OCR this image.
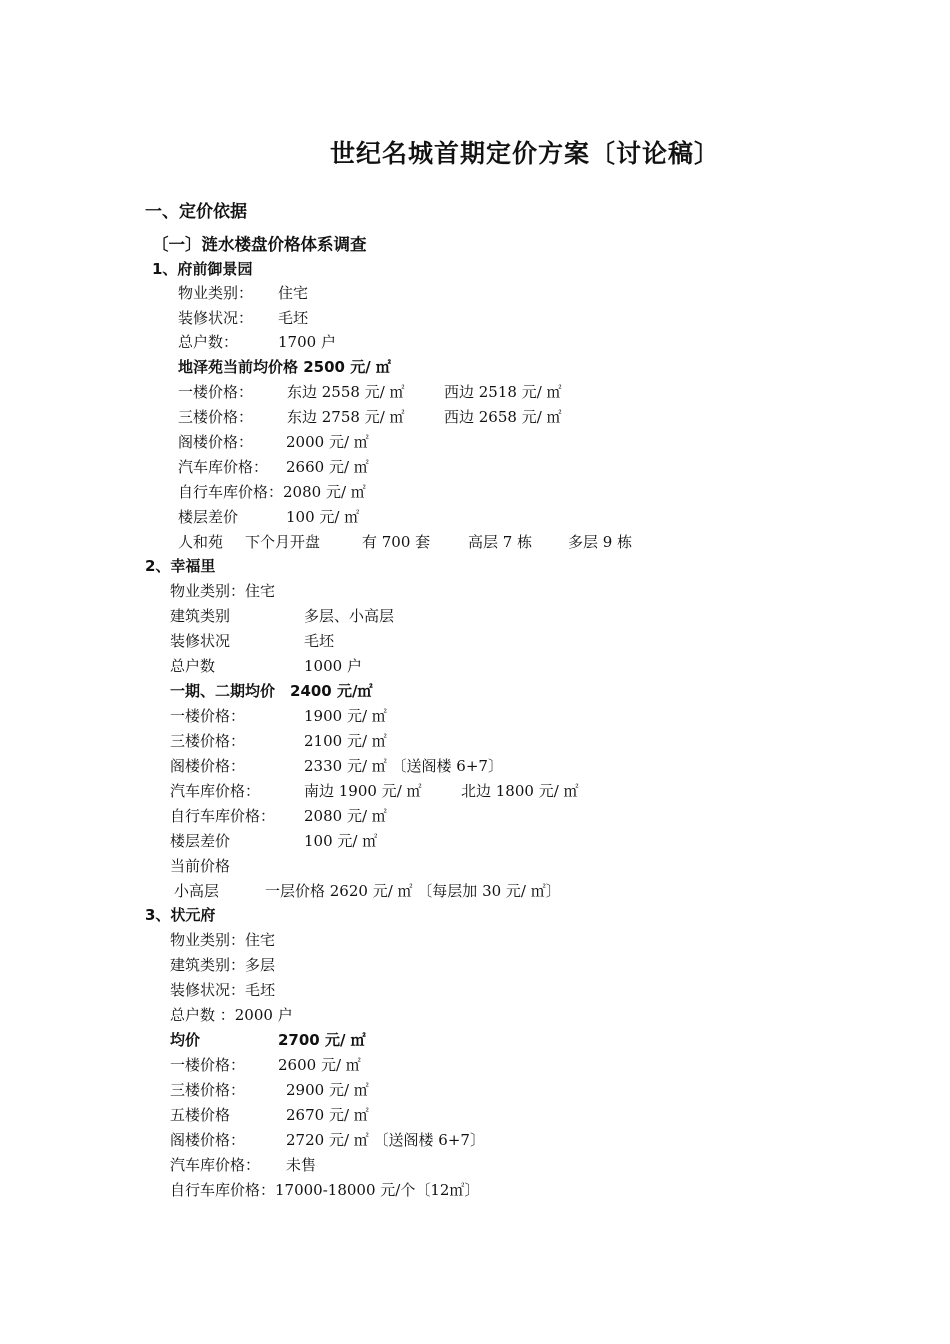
世纪名城首期定价方案〔讨论稿〕
一、定价依据
〔一〕涟水楼盘价格体系调查
1、府前御景园
物业类别： 住宅
装修状况： 毛坯
总户数：	1700 户
地泽苑当前均价格 2500 元/ ㎡
一楼价格： 东边 2558 元/ ㎡	西边 2518 元/ ㎡
三楼价格： 东边 2758 元/ ㎡	西边 2658 元/ ㎡
阁楼价格： 2000 元/ ㎡
汽车库价格： 2660 元/ ㎡
自行车库价格：2080 元/ ㎡
楼层差价	100 元/ ㎡
人和苑 下个月开盘	有 700 套	高层 7 栋 多层 9 栋
2、幸福里
物业类别：住宅
建筑类别	多层、小高层
装修状况	毛坯
总户数	1000 户
一期、二期均价　2400 元/㎡
一楼价格：	1900 元/ ㎡
三楼价格：	2100 元/ ㎡
阁楼价格：	2330 元/ ㎡ 〔送阁楼 6+7〕
汽车库价格：	南边 1900 元/ ㎡	北边 1800 元/ ㎡
自行车库价格： 2080 元/ ㎡
楼层差价	100 元/ ㎡
当前价格
小高层	一层价格 2620 元/ ㎡ 〔每层加 30 元/ ㎡〕
3、状元府
物业类别：住宅
建筑类别：多层
装修状况：毛坯
总户数 ：2000 户
均价	2700 元/ ㎡
一楼价格： 2600 元/ ㎡
三楼价格：	2900 元/ ㎡
五楼价格	2670 元/ ㎡
阁楼价格：	2720 元/ ㎡ 〔送阁楼 6+7〕
汽车库价格： 未售
自行车库价格：17000-18000 元/个〔12㎡〕
